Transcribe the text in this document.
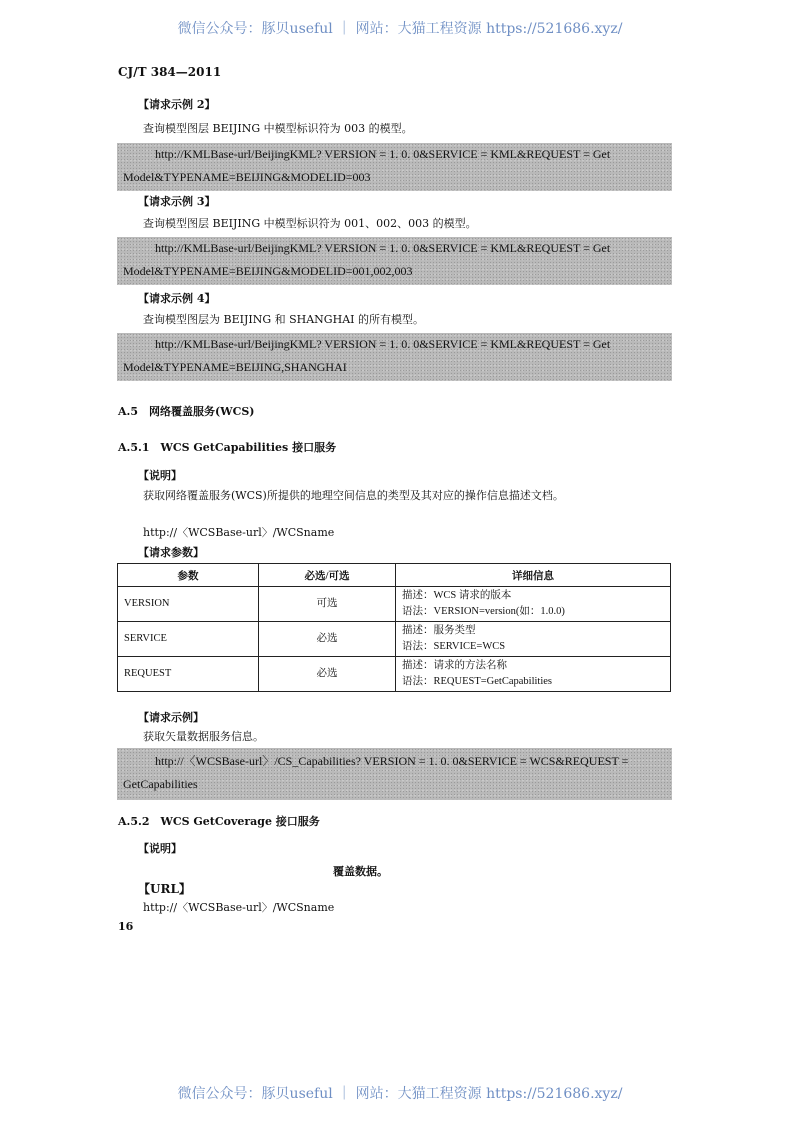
微信公众号：豚贝useful ｜ 网站：大猫工程资源 https://521686.xyz/
CJ/T 384—2011
【请求示例 2】
查询模型图层 BEIJING 中模型标识符为 003 的模型。
http://KMLBase-url/BeijingKML? VERSION = 1. 0. 0&SERVICE = KML&REQUEST = Get
Model&TYPENAME=BEIJING&MODELID=003
【请求示例 3】
查询模型图层 BEIJING 中模型标识符为 001、002、003 的模型。
http://KMLBase-url/BeijingKML? VERSION = 1. 0. 0&SERVICE = KML&REQUEST = Get
Model&TYPENAME=BEIJING&MODELID=001,002,003
【请求示例 4】
查询模型图层为 BEIJING 和 SHANGHAI 的所有模型。
http://KMLBase-url/BeijingKML? VERSION = 1. 0. 0&SERVICE = KML&REQUEST = Get
Model&TYPENAME=BEIJING,SHANGHAI
A.5　网络覆盖服务(WCS)
A.5.1　WCS GetCapabilities 接口服务
【说明】
获取网络覆盖服务(WCS)所提供的地理空间信息的类型及其对应的操作信息描述文档。
http://〈WCSBase-url〉/WCSname
【请求参数】
参数	必选/可选	详细信息
VERSION	可选	描述：WCS 请求的版本
语法：VERSION=version(如：1.0.0)

SERVICE	必选	描述：服务类型
语法：SERVICE=WCS

REQUEST	必选	描述：请求的方法名称
语法：REQUEST=GetCapabilities
【请求示例】
获取矢量数据服务信息。
http://〈WCSBase-url〉/CS_Capabilities? VERSION = 1. 0. 0&SERVICE = WCS&REQUEST =
GetCapabilities
A.5.2　WCS GetCoverage 接口服务
【说明】
覆盖数据。
【URL】
http://〈WCSBase-url〉/WCSname
16
微信公众号：豚贝useful ｜ 网站：大猫工程资源 https://521686.xyz/
